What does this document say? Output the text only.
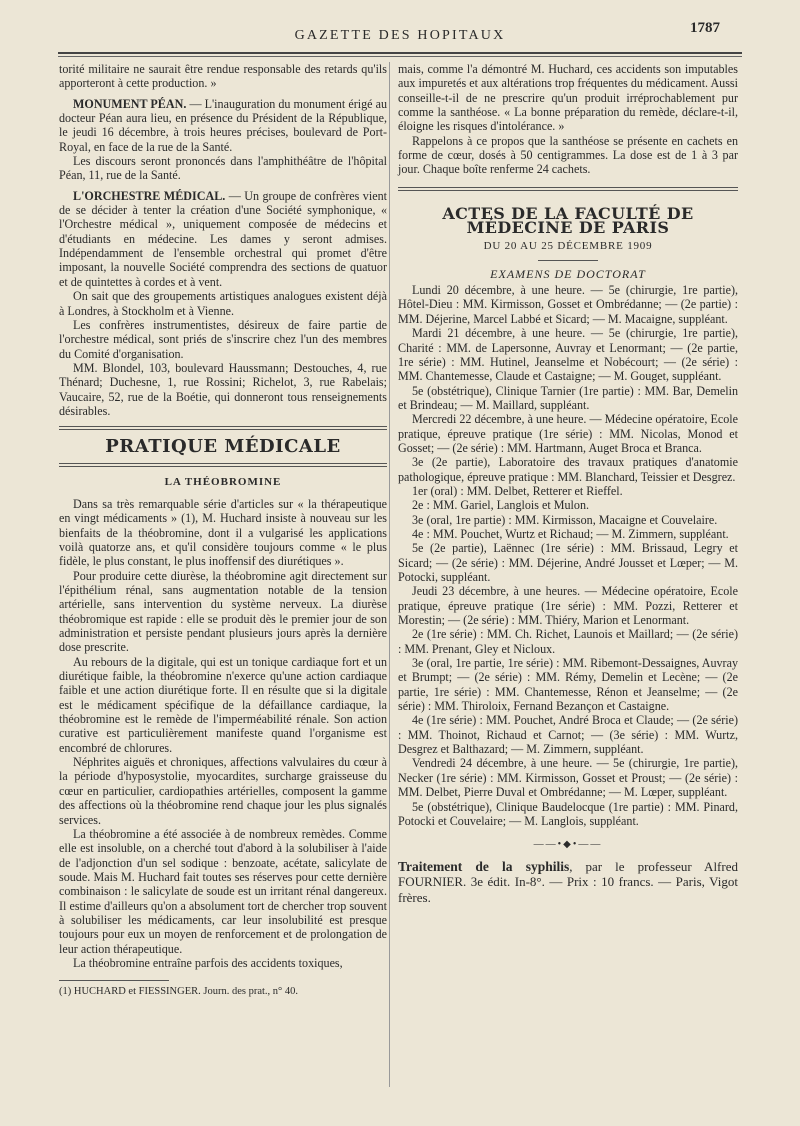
GAZETTE DES HOPITAUX	1787

torité militaire ne saurait être rendue responsable des retards qu'ils apporteront à cette production. »

MONUMENT PÉAN. — L'inauguration du monument érigé au docteur Péan aura lieu, en présence du Président de la République, le jeudi 16 décembre, à trois heures précises, boulevard de Port-Royal, en face de la rue de la Santé.

Les discours seront prononcés dans l'amphithéâtre de l'hôpital Péan, 11, rue de la Santé.

L'ORCHESTRE MÉDICAL. — Un groupe de confrères vient de se décider à tenter la création d'une Société symphonique, « l'Orchestre médical », uniquement composée de médecins et d'étudiants en médecine. Les dames y seront admises. Indépendamment de l'ensemble orchestral qui promet d'être imposant, la nouvelle Société comprendra des sections de quatuor et de quintettes à cordes et à vent.

On sait que des groupements artistiques analogues existent déjà à Londres, à Stockholm et à Vienne.

Les confrères instrumentistes, désireux de faire partie de l'orchestre médical, sont priés de s'inscrire chez l'un des membres du Comité d'organisation.

MM. Blondel, 103, boulevard Haussmann; Destouches, 4, rue Thénard; Duchesne, 1, rue Rossini; Richelot, 3, rue Rabelais; Vaucaire, 52, rue de la Boétie, qui donneront tous renseignements désirables.

PRATIQUE MÉDICALE
LA THÉOBROMINE

Dans sa très remarquable série d'articles sur « la thérapeutique en vingt médicaments » (1), M. Huchard insiste à nouveau sur les bienfaits de la théobromine, dont il a vulgarisé les applications voilà quatorze ans, et qu'il considère toujours comme « le plus fidèle, le plus constant, le plus inoffensif des diurétiques ».

Pour produire cette diurèse, la théobromine agit directement sur l'épithélium rénal, sans augmentation notable de la tension artérielle, sans intervention du système nerveux. La diurèse théobromique est rapide : elle se produit dès le premier jour de son administration et persiste pendant plusieurs jours après la dernière dose prescrite.

Au rebours de la digitale, qui est un tonique cardiaque fort et un diurétique faible, la théobromine n'exerce qu'une action cardiaque faible et une action diurétique forte. Il en résulte que si la digitale est le médicament spécifique de la défaillance cardiaque, la théobromine est le remède de l'imperméabilité rénale. Son action curative est particulièrement manifeste quand l'organisme est encombré de chlorures.

Néphrites aiguës et chroniques, affections valvulaires du cœur à la période d'hyposystolie, myocardites, surcharge graisseuse du cœur en particulier, cardiopathies artérielles, composent la gamme des affections où la théobromine rend chaque jour les plus signalés services.

La théobromine a été associée à de nombreux remèdes. Comme elle est insoluble, on a cherché tout d'abord à la solubiliser à l'aide de l'adjonction d'un sel sodique : benzoate, acétate, salicylate de soude. Mais M. Huchard fait toutes ses réserves pour cette dernière combinaison : le salicylate de soude est un irritant rénal dangereux. Il estime d'ailleurs qu'on a absolument tort de chercher trop souvent à solubiliser les médicaments, car leur insolubilité est presque toujours pour eux un moyen de renforcement et de prolongation de leur action thérapeutique.

La théobromine entraîne parfois des accidents toxiques,

(1) HUCHARD et FIESSINGER. Journ. des prat., n° 40.

mais, comme l'a démontré M. Huchard, ces accidents son imputables aux impuretés et aux altérations trop fréquentes du médicament. Aussi conseille-t-il de ne prescrire qu'un produit irréprochablement pur comme la santhéose. « La bonne préparation du remède, déclare-t-il, éloigne les risques d'intolérance. »

Rappelons à ce propos que la santhéose se présente en cachets en forme de cœur, dosés à 50 centigrammes. La dose est de 1 à 3 par jour. Chaque boîte renferme 24 cachets.

ACTES DE LA FACULTÉ DE MÉDECINE DE PARIS
DU 20 AU 25 DÉCEMBRE 1909
EXAMENS DE DOCTORAT

Lundi 20 décembre, à une heure. — 5e (chirurgie, 1re partie), Hôtel-Dieu : MM. Kirmisson, Gosset et Ombrédanne; — (2e partie) : MM. Déjerine, Marcel Labbé et Sicard; — M. Macaigne, suppléant.

Mardi 21 décembre, à une heure. — 5e (chirurgie, 1re partie), Charité : MM. de Lapersonne, Auvray et Lenormant; — (2e partie, 1re série) : MM. Hutinel, Jeanselme et Nobécourt; — (2e série) : MM. Chantemesse, Claude et Castaigne; — M. Gouget, suppléant.

5e (obstétrique), Clinique Tarnier (1re partie) : MM. Bar, Demelin et Brindeau; — M. Maillard, suppléant.

Mercredi 22 décembre, à une heure. — Médecine opératoire, Ecole pratique, épreuve pratique (1re série) : MM. Nicolas, Monod et Gosset; — (2e série) : MM. Hartmann, Auget Broca et Branca.

3e (2e partie), Laboratoire des travaux pratiques d'anatomie pathologique, épreuve pratique : MM. Blanchard, Teissier et Desgrez.

1er (oral) : MM. Delbet, Retterer et Rieffel.

2e : MM. Gariel, Langlois et Mulon.

3e (oral, 1re partie) : MM. Kirmisson, Macaigne et Couvelaire.

4e : MM. Pouchet, Wurtz et Richaud; — M. Zimmern, suppléant.

5e (2e partie), Laënnec (1re série) : MM. Brissaud, Legry et Sicard; — (2e série) : MM. Déjerine, André Jousset et Lœper; — M. Potocki, suppléant.

Jeudi 23 décembre, à une heures. — Médecine opératoire, Ecole pratique, épreuve pratique (1re série) : MM. Pozzi, Retterer et Morestin; — (2e série) : MM. Thiéry, Marion et Lenormant.

2e (1re série) : MM. Ch. Richet, Launois et Maillard; — (2e série) : MM. Prenant, Gley et Nicloux.

3e (oral, 1re partie, 1re série) : MM. Ribemont-Dessaignes, Auvray et Brumpt; — (2e série) : MM. Rémy, Demelin et Lecène; — (2e partie, 1re série) : MM. Chantemesse, Rénon et Jeanselme; — (2e série) : MM. Thiroloix, Fernand Bezançon et Castaigne.

4e (1re série) : MM. Pouchet, André Broca et Claude; — (2e série) : MM. Thoinot, Richaud et Carnot; — (3e série) : MM. Wurtz, Desgrez et Balthazard; — M. Zimmern, suppléant.

Vendredi 24 décembre, à une heure. — 5e (chirurgie, 1re partie), Necker (1re série) : MM. Kirmisson, Gosset et Proust; — (2e série) : MM. Delbet, Pierre Duval et Ombrédanne; — M. Lœper, suppléant.

5e (obstétrique), Clinique Baudelocque (1re partie) : MM. Pinard, Potocki et Couvelaire; — M. Langlois, suppléant.

——•◆•——

Traitement de la syphilis, par le professeur Alfred FOURNIER. 3e édit. In-8°. — Prix : 10 francs. — Paris, Vigot frères.
